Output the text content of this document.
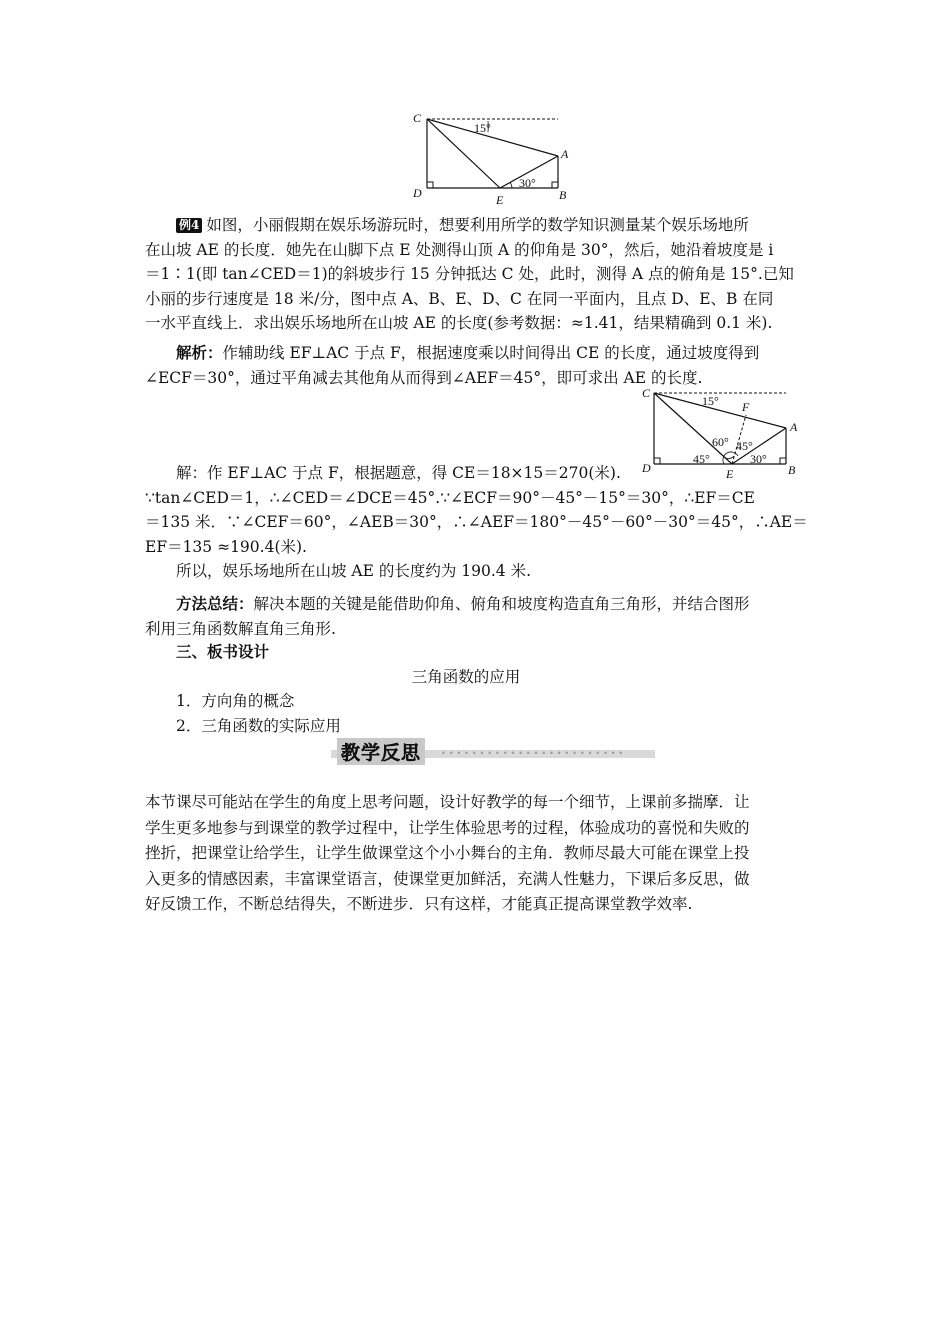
C
A
D	E	B
15°
30°
例4 如图，小丽假期在娱乐场游玩时，想要利用所学的数学知识测量某个娱乐场地所
在山坡 AE 的长度．她先在山脚下点 E 处测得山顶 A 的仰角是 30°，然后，她沿着坡度是 i
＝1∶1(即 tan∠CED＝1)的斜坡步行 15 分钟抵达 C 处，此时，测得 A 点的俯角是 15°.已知
小丽的步行速度是 18 米/分，图中点 A、B、E、D、C 在同一平面内，且点 D、E、B 在同
一水平直线上．求出娱乐场地所在山坡 AE 的长度(参考数据：≈1.41，结果精确到 0.1 米).
解析：作辅助线 EF⊥AC 于点 F，根据速度乘以时间得出 CE 的长度，通过坡度得到
∠ECF＝30°，通过平角减去其他角从而得到∠AEF＝45°，即可求出 AE 的长度.
C
F
A
D	E	B
15°
60° 45°
45°	30°
解：作 EF⊥AC 于点 F，根据题意，得 CE＝18×15＝270(米).
∵tan∠CED＝1，∴∠CED＝∠DCE＝45°.∵∠ECF＝90°－45°－15°＝30°，∴EF＝CE
＝135 米．∵∠CEF＝60°，∠AEB＝30°，∴∠AEF＝180°－45°－60°－30°＝45°，∴AE＝
EF＝135 ≈190.4(米).
所以，娱乐场地所在山坡 AE 的长度约为 190.4 米.
方法总结：解决本题的关键是能借助仰角、俯角和坡度构造直角三角形，并结合图形
利用三角函数解直角三角形.
三、板书设计
三角函数的应用
1．方向角的概念
2．三角函数的实际应用
••••••••••••••••••••••••
教学反思
本节课尽可能站在学生的角度上思考问题，设计好教学的每一个细节，上课前多揣摩．让
学生更多地参与到课堂的教学过程中，让学生体验思考的过程，体验成功的喜悦和失败的
挫折，把课堂让给学生，让学生做课堂这个小小舞台的主角．教师尽最大可能在课堂上投
入更多的情感因素，丰富课堂语言，使课堂更加鲜活，充满人性魅力，下课后多反思，做
好反馈工作，不断总结得失，不断进步．只有这样，才能真正提高课堂教学效率.
